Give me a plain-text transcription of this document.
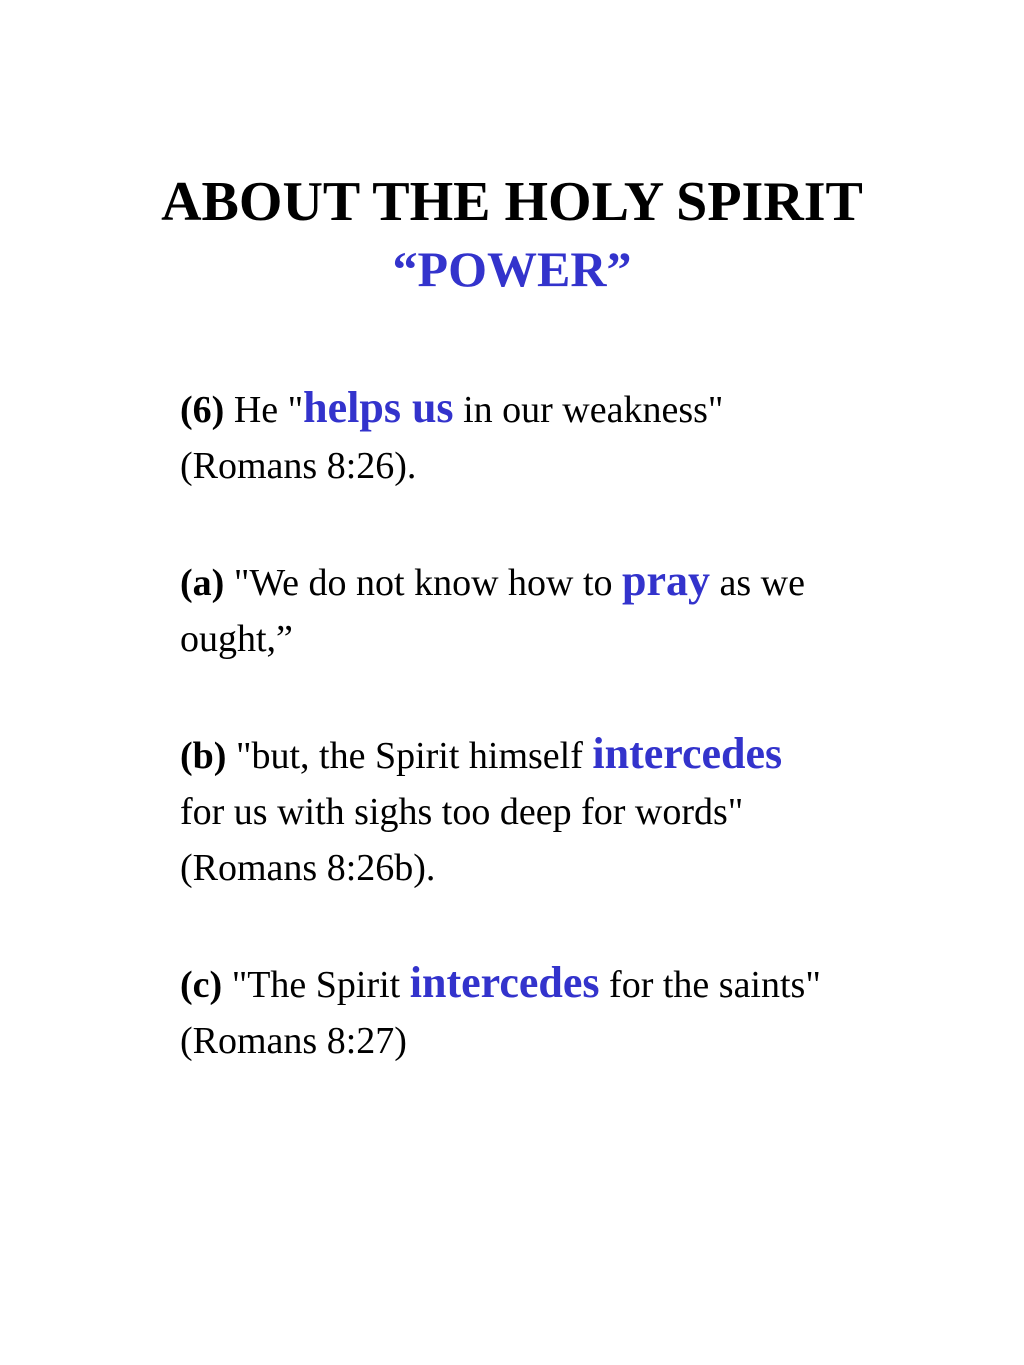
ABOUT THE HOLY SPIRIT
“POWER”

(6) He "helps us in our weakness"
(Romans 8:26).

(a) "We do not know how to pray as we ought,”

(b) "but, the Spirit himself intercedes
for us with sighs too deep for words"
(Romans 8:26b).

(c) "The Spirit intercedes for the saints" (Romans 8:27)
